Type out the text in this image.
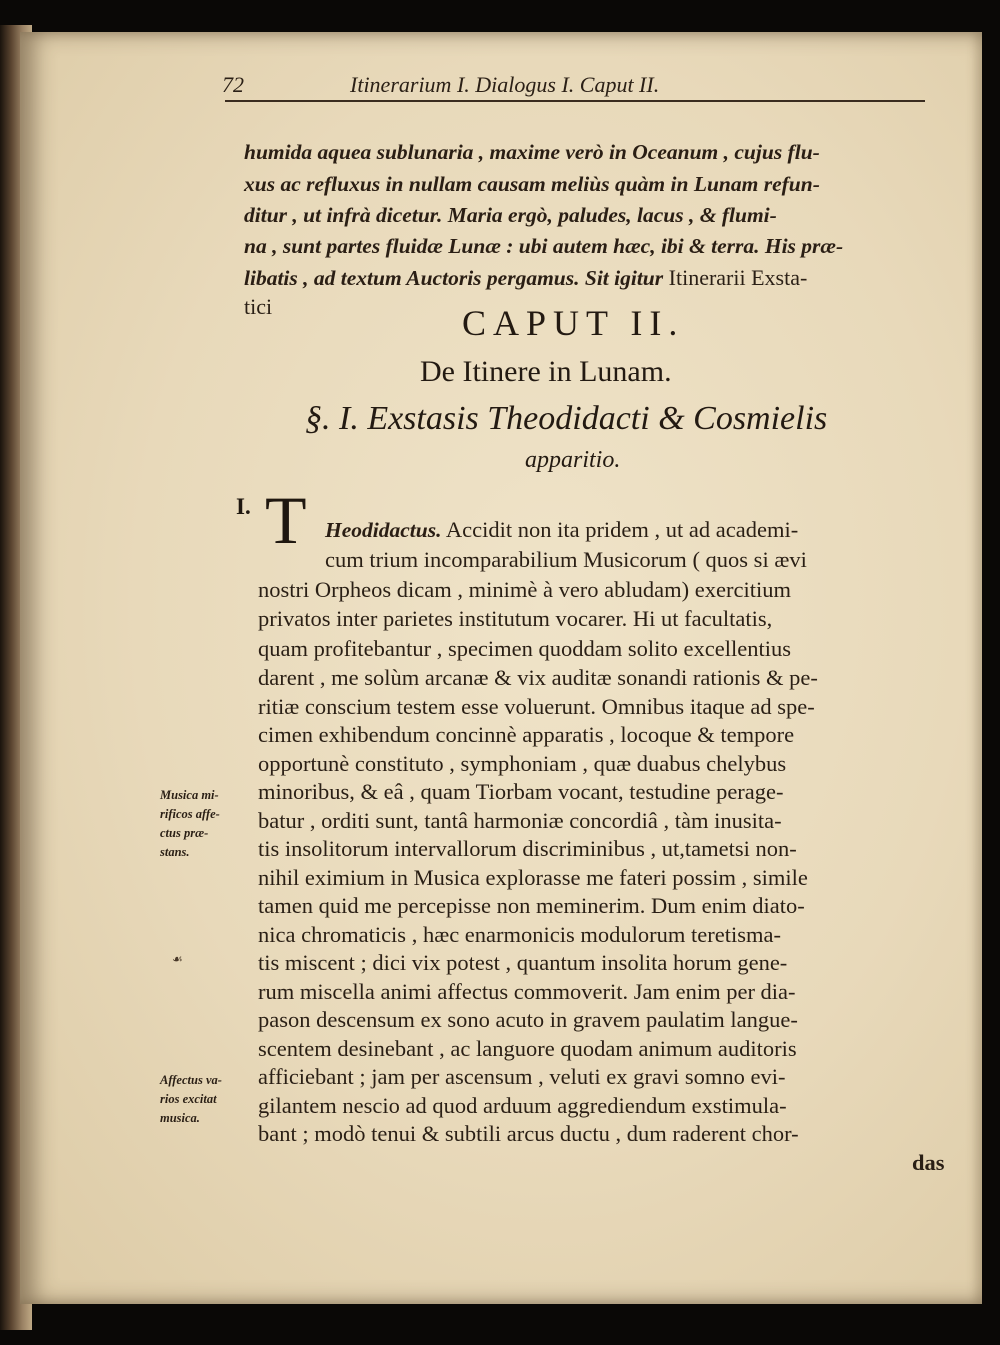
72	Itinerarium I. Dialogus I. Caput II.
humida aquea sublunaria , maxime verò in Oceanum , cujus flu-
xus ac refluxus in nullam causam meliùs quàm in Lunam refun-
ditur , ut infrà dicetur. Maria ergò, paludes, lacus , & flumi-
na , sunt partes fluidæ Lunæ : ubi autem hæc, ibi & terra. His præ-
libatis , ad textum Auctoris pergamus. Sit igitur Itinerarii Exsta-
tici	CAPUT II.
De Itinere in Lunam.
§. I. Exstasis Theodidacti & Cosmielis
apparitio.
I. T Heodidactus. Accidit non ita pridem , ut ad academi-
cum trium incomparabilium Musicorum ( quos si ævi
nostri Orpheos dicam , minimè à vero abludam) exercitium
privatos inter parietes institutum vocarer. Hi ut facultatis,
quam profitebantur , specimen quoddam solito excellentius
darent , me solùm arcanæ & vix auditæ sonandi rationis & pe-
ritiæ conscium testem esse voluerunt. Omnibus itaque ad spe-
cimen exhibendum concinnè apparatis , locoque & tempore
opportunè constituto , symphoniam , quæ duabus chelybus
minoribus, & eâ , quam Tiorbam vocant, testudine perage-
batur , orditi sunt, tantâ harmoniæ concordiâ , tàm inusita-
tis insolitorum intervallorum discriminibus , ut,tametsi non-
nihil eximium in Musica explorasse me fateri possim , simile
tamen quid me percepisse non meminerim. Dum enim diato-
nica chromaticis , hæc enarmonicis modulorum teretisma-
tis miscent ; dici vix potest , quantum insolita horum gene-
rum miscella animi affectus commoverit. Jam enim per dia-
pason descensum ex sono acuto in gravem paulatim langue-
scentem desinebant , ac languore quodam animum auditoris
afficiebant ; jam per ascensum , veluti ex gravi somno evi-
gilantem nescio ad quod arduum aggrediendum exstimula-
bant ; modò tenui & subtili arcus ductu , dum raderent chor-
das
Musica mi-
rificos affe-
ctus præ-
stans.
☙
Affectus va-
rios excitat
musica.
